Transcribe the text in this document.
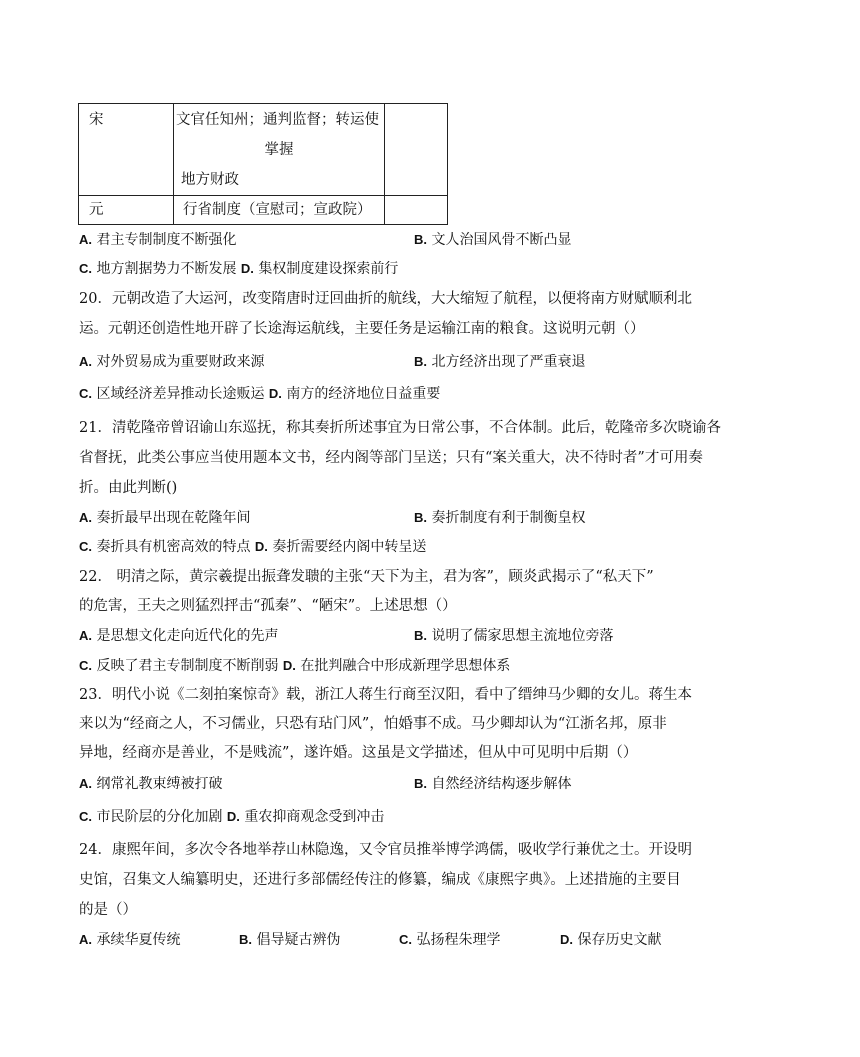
宋	文官任知州；通判监督；转运使
掌握
地方财政	

元	行省制度（宣慰司；宣政院）	

A. 君主专制制度不断强化	B. 文人治国风骨不断凸显
C. 地方割据势力不断发展 D. 集权制度建设探索前行
20．元朝改造了大运河，改变隋唐时迂回曲折的航线，大大缩短了航程，以便将南方财赋顺利北
运。元朝还创造性地开辟了长途海运航线，主要任务是运输江南的粮食。这说明元朝（）
A. 对外贸易成为重要财政来源	B. 北方经济出现了严重衰退
C. 区域经济差异推动长途贩运 D. 南方的经济地位日益重要
21．清乾隆帝曾诏谕山东巡抚，称其奏折所述事宜为日常公事，不合体制。此后，乾隆帝多次晓谕各
省督抚，此类公事应当使用题本文书，经内阁等部门呈送；只有“案关重大，决不待时者”才可用奏
折。由此判断()
A. 奏折最早出现在乾隆年间	B. 奏折制度有利于制衡皇权
C. 奏折具有机密高效的特点 D. 奏折需要经内阁中转呈送
22． 明清之际，黄宗羲提出振聋发聩的主张“天下为主，君为客”，顾炎武揭示了“私天下”
的危害，王夫之则猛烈抨击“孤秦”、“陋宋”。上述思想（）
A. 是思想文化走向近代化的先声	B. 说明了儒家思想主流地位旁落
C. 反映了君主专制制度不断削弱 D. 在批判融合中形成新理学思想体系
23．明代小说《二刻拍案惊奇》载，浙江人蒋生行商至汉阳，看中了缙绅马少卿的女儿。蒋生本
来以为“经商之人，不习儒业，只恐有玷门风”，怕婚事不成。马少卿却认为“江浙名邦，原非
异地，经商亦是善业，不是贱流”，遂许婚。这虽是文学描述，但从中可见明中后期（）
A. 纲常礼教束缚被打破	B. 自然经济结构逐步解体
C. 市民阶层的分化加剧 D. 重农抑商观念受到冲击
24．康熙年间，多次令各地举荐山林隐逸，又令官员推举博学鸿儒，吸收学行兼优之士。开设明
史馆，召集文人编纂明史，还进行多部儒经传注的修纂，编成《康熙字典》。上述措施的主要目
的是（）
A. 承续华夏传统	B. 倡导疑古辨伪	C. 弘扬程朱理学	D. 保存历史文献
